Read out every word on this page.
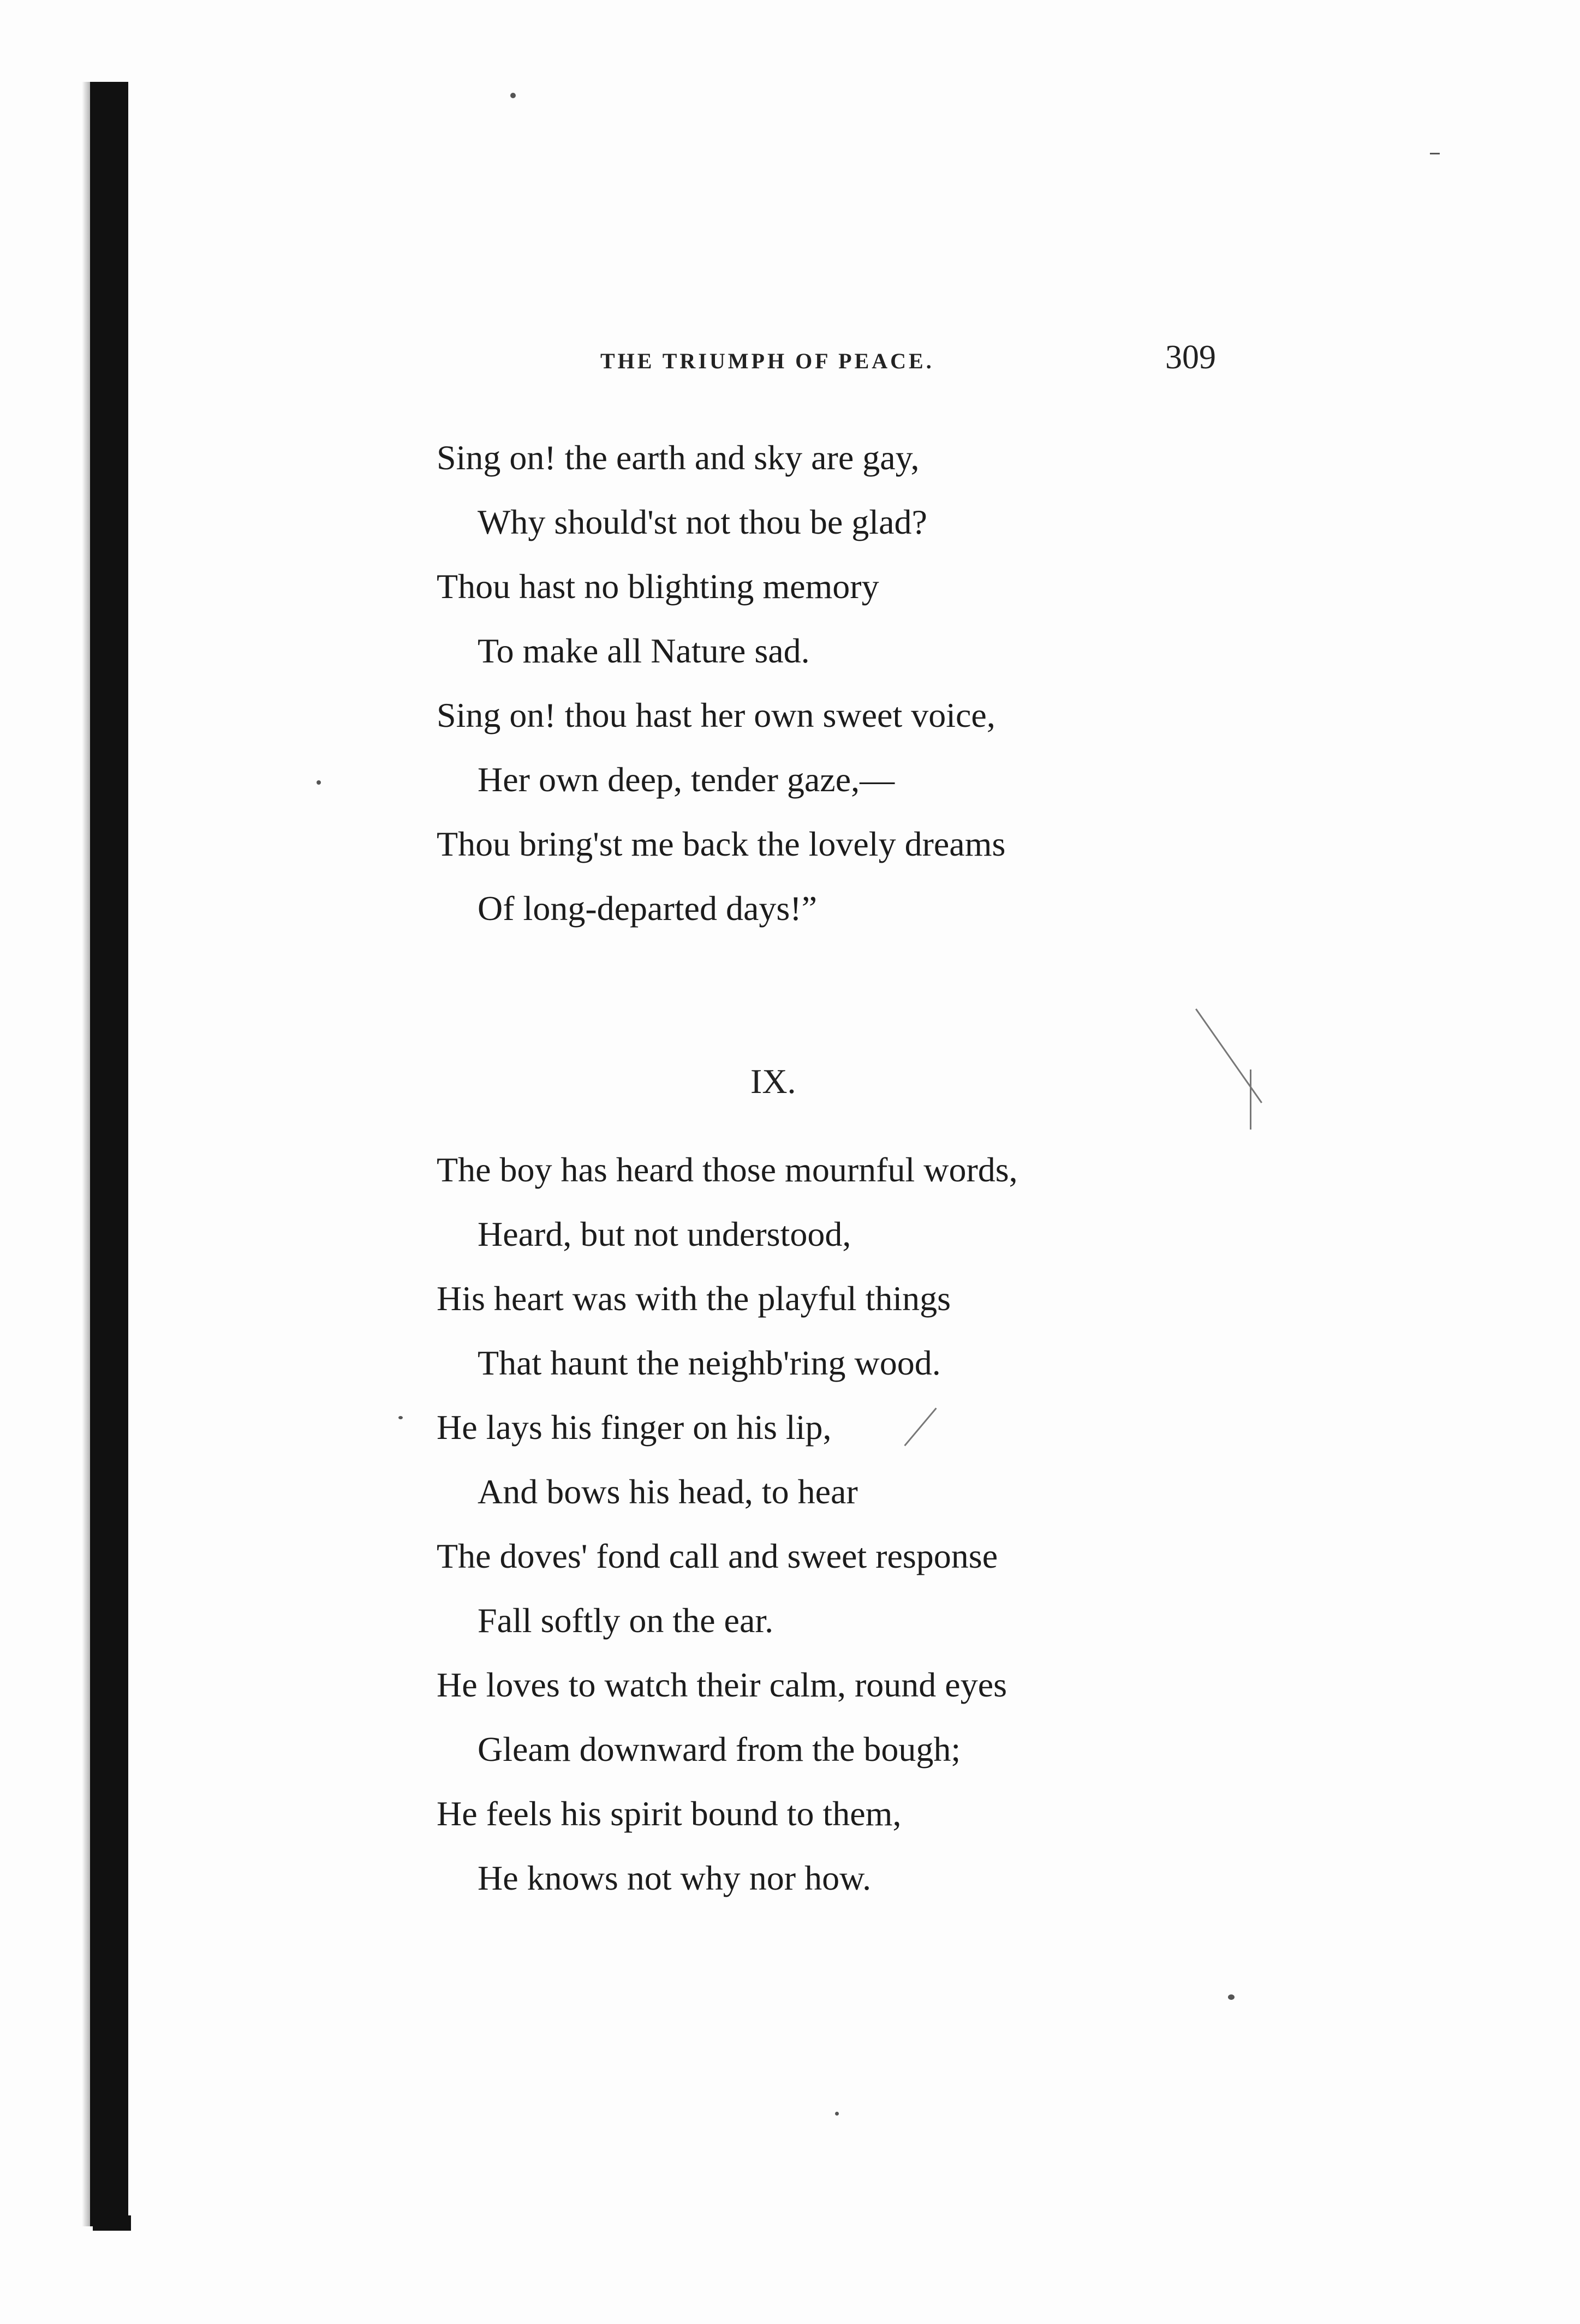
THE TRIUMPH OF PEACE.	309
Sing on! the earth and sky are gay,
Why should'st not thou be glad?
Thou hast no blighting memory
To make all Nature sad.
Sing on! thou hast her own sweet voice,
Her own deep, tender gaze,—
Thou bring'st me back the lovely dreams
Of long-departed days!”
IX.
The boy has heard those mournful words,
Heard, but not understood,
His heart was with the playful things
That haunt the neighb'ring wood.
He lays his finger on his lip,
And bows his head, to hear
The doves' fond call and sweet response
Fall softly on the ear.
He loves to watch their calm, round eyes
Gleam downward from the bough;
He feels his spirit bound to them,
He knows not why nor how.
